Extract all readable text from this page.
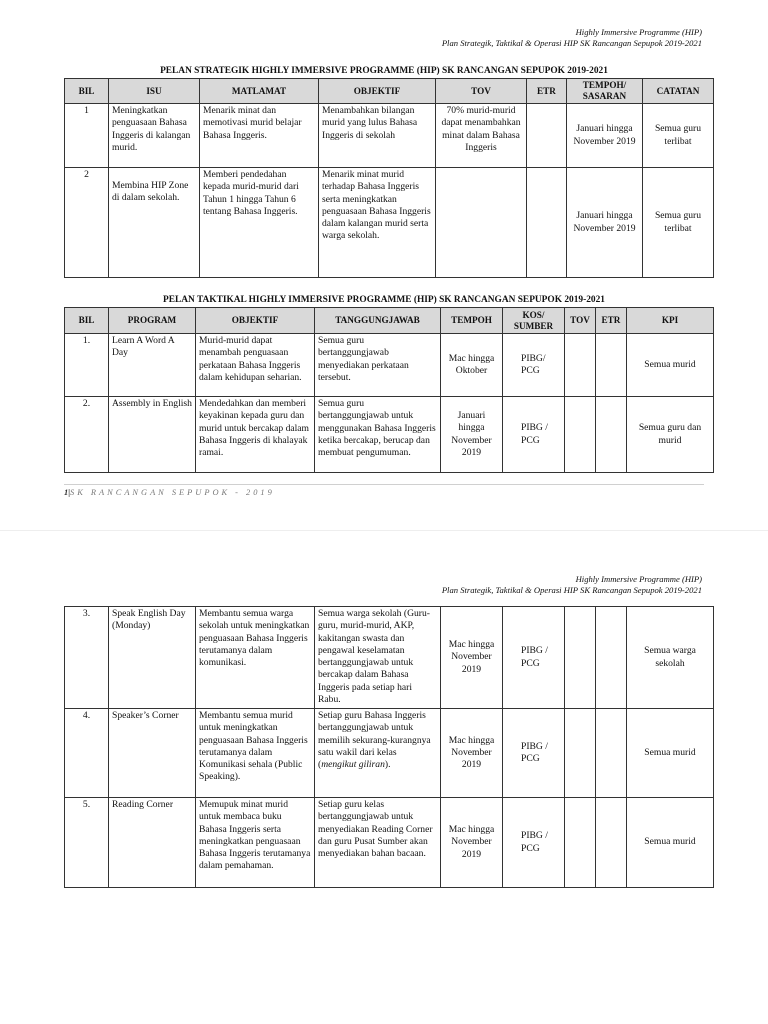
Highly Immersive Programme (HIP)
Plan Strategik, Taktikal & Operasi HIP SK Rancangan Sepupok 2019-2021
PELAN STRATEGIK HIGHLY IMMERSIVE PROGRAMME (HIP) SK RANCANGAN SEPUPOK 2019-2021
BIL	ISU	MATLAMAT	OBJEKTIF	TOV	ETR	TEMPOH/ SASARAN	CATATAN
1	Meningkatkan penguasaan Bahasa Inggeris di kalangan murid.	Menarik minat dan memotivasi murid belajar Bahasa Inggeris.	Menambahkan bilangan murid yang lulus Bahasa Inggeris di sekolah	70% murid-murid dapat menambahkan minat dalam Bahasa Inggeris		Januari hingga November 2019	Semua guru terlibat
2	Membina HIP Zone di dalam sekolah.	Memberi pendedahan kepada murid-murid dari Tahun 1 hingga Tahun 6 tentang Bahasa Inggeris.	Menarik minat murid terhadap Bahasa Inggeris serta meningkatkan penguasaan Bahasa Inggeris dalam kalangan murid serta warga sekolah.			Januari hingga November 2019	Semua guru terlibat
PELAN TAKTIKAL HIGHLY IMMERSIVE PROGRAMME (HIP) SK RANCANGAN SEPUPOK 2019-2021
BIL	PROGRAM	OBJEKTIF	TANGGUNGJAWAB	TEMPOH	KOS/ SUMBER	TOV	ETR	KPI
1.	Learn A Word A Day	Murid-murid dapat menambah penguasaan perkataan Bahasa Inggeris dalam kehidupan seharian.	Semua guru bertanggungjawab menyediakan perkataan tersebut.	Mac hingga Oktober	PIBG/ PCG			Semua murid
2.	Assembly in English	Mendedahkan dan memberi keyakinan kepada guru dan murid untuk bercakap dalam Bahasa Inggeris di khalayak ramai.	Semua guru bertanggungjawab untuk menggunakan Bahasa Inggeris ketika bercakap, berucap dan membuat pengumuman.	Januari hingga November 2019	PIBG / PCG			Semua guru dan murid
1|SK RANCANGAN SEPUPOK - 2019
Highly Immersive Programme (HIP)
Plan Strategik, Taktikal & Operasi HIP SK Rancangan Sepupok 2019-2021
3.	Speak English Day (Monday)	Membantu semua warga sekolah untuk meningkatkan penguasaan Bahasa Inggeris terutamanya dalam komunikasi.	Semua warga sekolah (Guru-guru, murid-murid, AKP, kakitangan swasta dan pengawal keselamatan bertanggungjawab untuk bercakap dalam Bahasa Inggeris pada setiap hari Rabu.	Mac hingga November 2019	PIBG / PCG			Semua warga sekolah
4.	Speaker’s Corner	Membantu semua murid untuk meningkatkan penguasaan Bahasa Inggeris terutamanya dalam Komunikasi sehala (Public Speaking).	Setiap guru Bahasa Inggeris bertanggungjawab untuk memilih sekurang-kurangnya satu wakil dari kelas (mengikut giliran).	Mac hingga November 2019	PIBG / PCG			Semua murid
5.	Reading Corner	Memupuk minat murid untuk membaca buku Bahasa Inggeris serta meningkatkan penguasaan Bahasa Inggeris terutamanya dalam pemahaman.	Setiap guru kelas bertanggungjawab untuk menyediakan Reading Corner dan guru Pusat Sumber akan menyediakan bahan bacaan.	Mac hingga November 2019	PIBG / PCG			Semua murid
